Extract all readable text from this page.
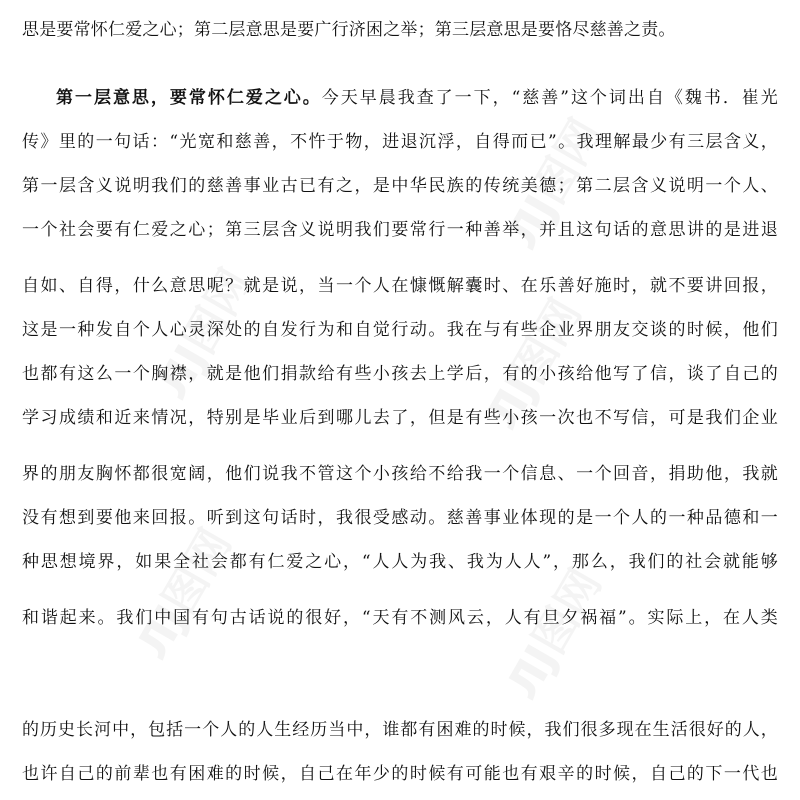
ЛJ图网
ЛJ图网	ЛJ图网
ЛJ图网	ЛJ图网
思是要常怀仁爱之心；第二层意思是要广行济困之举；第三层意思是要恪尽慈善之责。
第一层意思，要常怀仁爱之心。今天早晨我查了一下，“慈善”这个词出自《魏书．崔光
传》里的一句话：“光宽和慈善，不忤于物，进退沉浮，自得而已”。我理解最少有三层含义，
第一层含义说明我们的慈善事业古已有之，是中华民族的传统美德；第二层含义说明一个人、
一个社会要有仁爱之心；第三层含义说明我们要常行一种善举，并且这句话的意思讲的是进退
自如、自得，什么意思呢？就是说，当一个人在慷慨解囊时、在乐善好施时，就不要讲回报，
这是一种发自个人心灵深处的自发行为和自觉行动。我在与有些企业界朋友交谈的时候，他们
也都有这么一个胸襟，就是他们捐款给有些小孩去上学后，有的小孩给他写了信，谈了自己的
学习成绩和近来情况，特别是毕业后到哪儿去了，但是有些小孩一次也不写信，可是我们企业
界的朋友胸怀都很宽阔，他们说我不管这个小孩给不给我一个信息、一个回音，捐助他，我就
没有想到要他来回报。听到这句话时，我很受感动。慈善事业体现的是一个人的一种品德和一
种思想境界，如果全社会都有仁爱之心，“人人为我、我为人人”，那么，我们的社会就能够
和谐起来。我们中国有句古话说的很好，“天有不测风云，人有旦夕祸福”。实际上，在人类
的历史长河中，包括一个人的人生经历当中，谁都有困难的时候，我们很多现在生活很好的人，
也许自己的前辈也有困难的时候，自己在年少的时候有可能也有艰辛的时候，自己的下一代也
